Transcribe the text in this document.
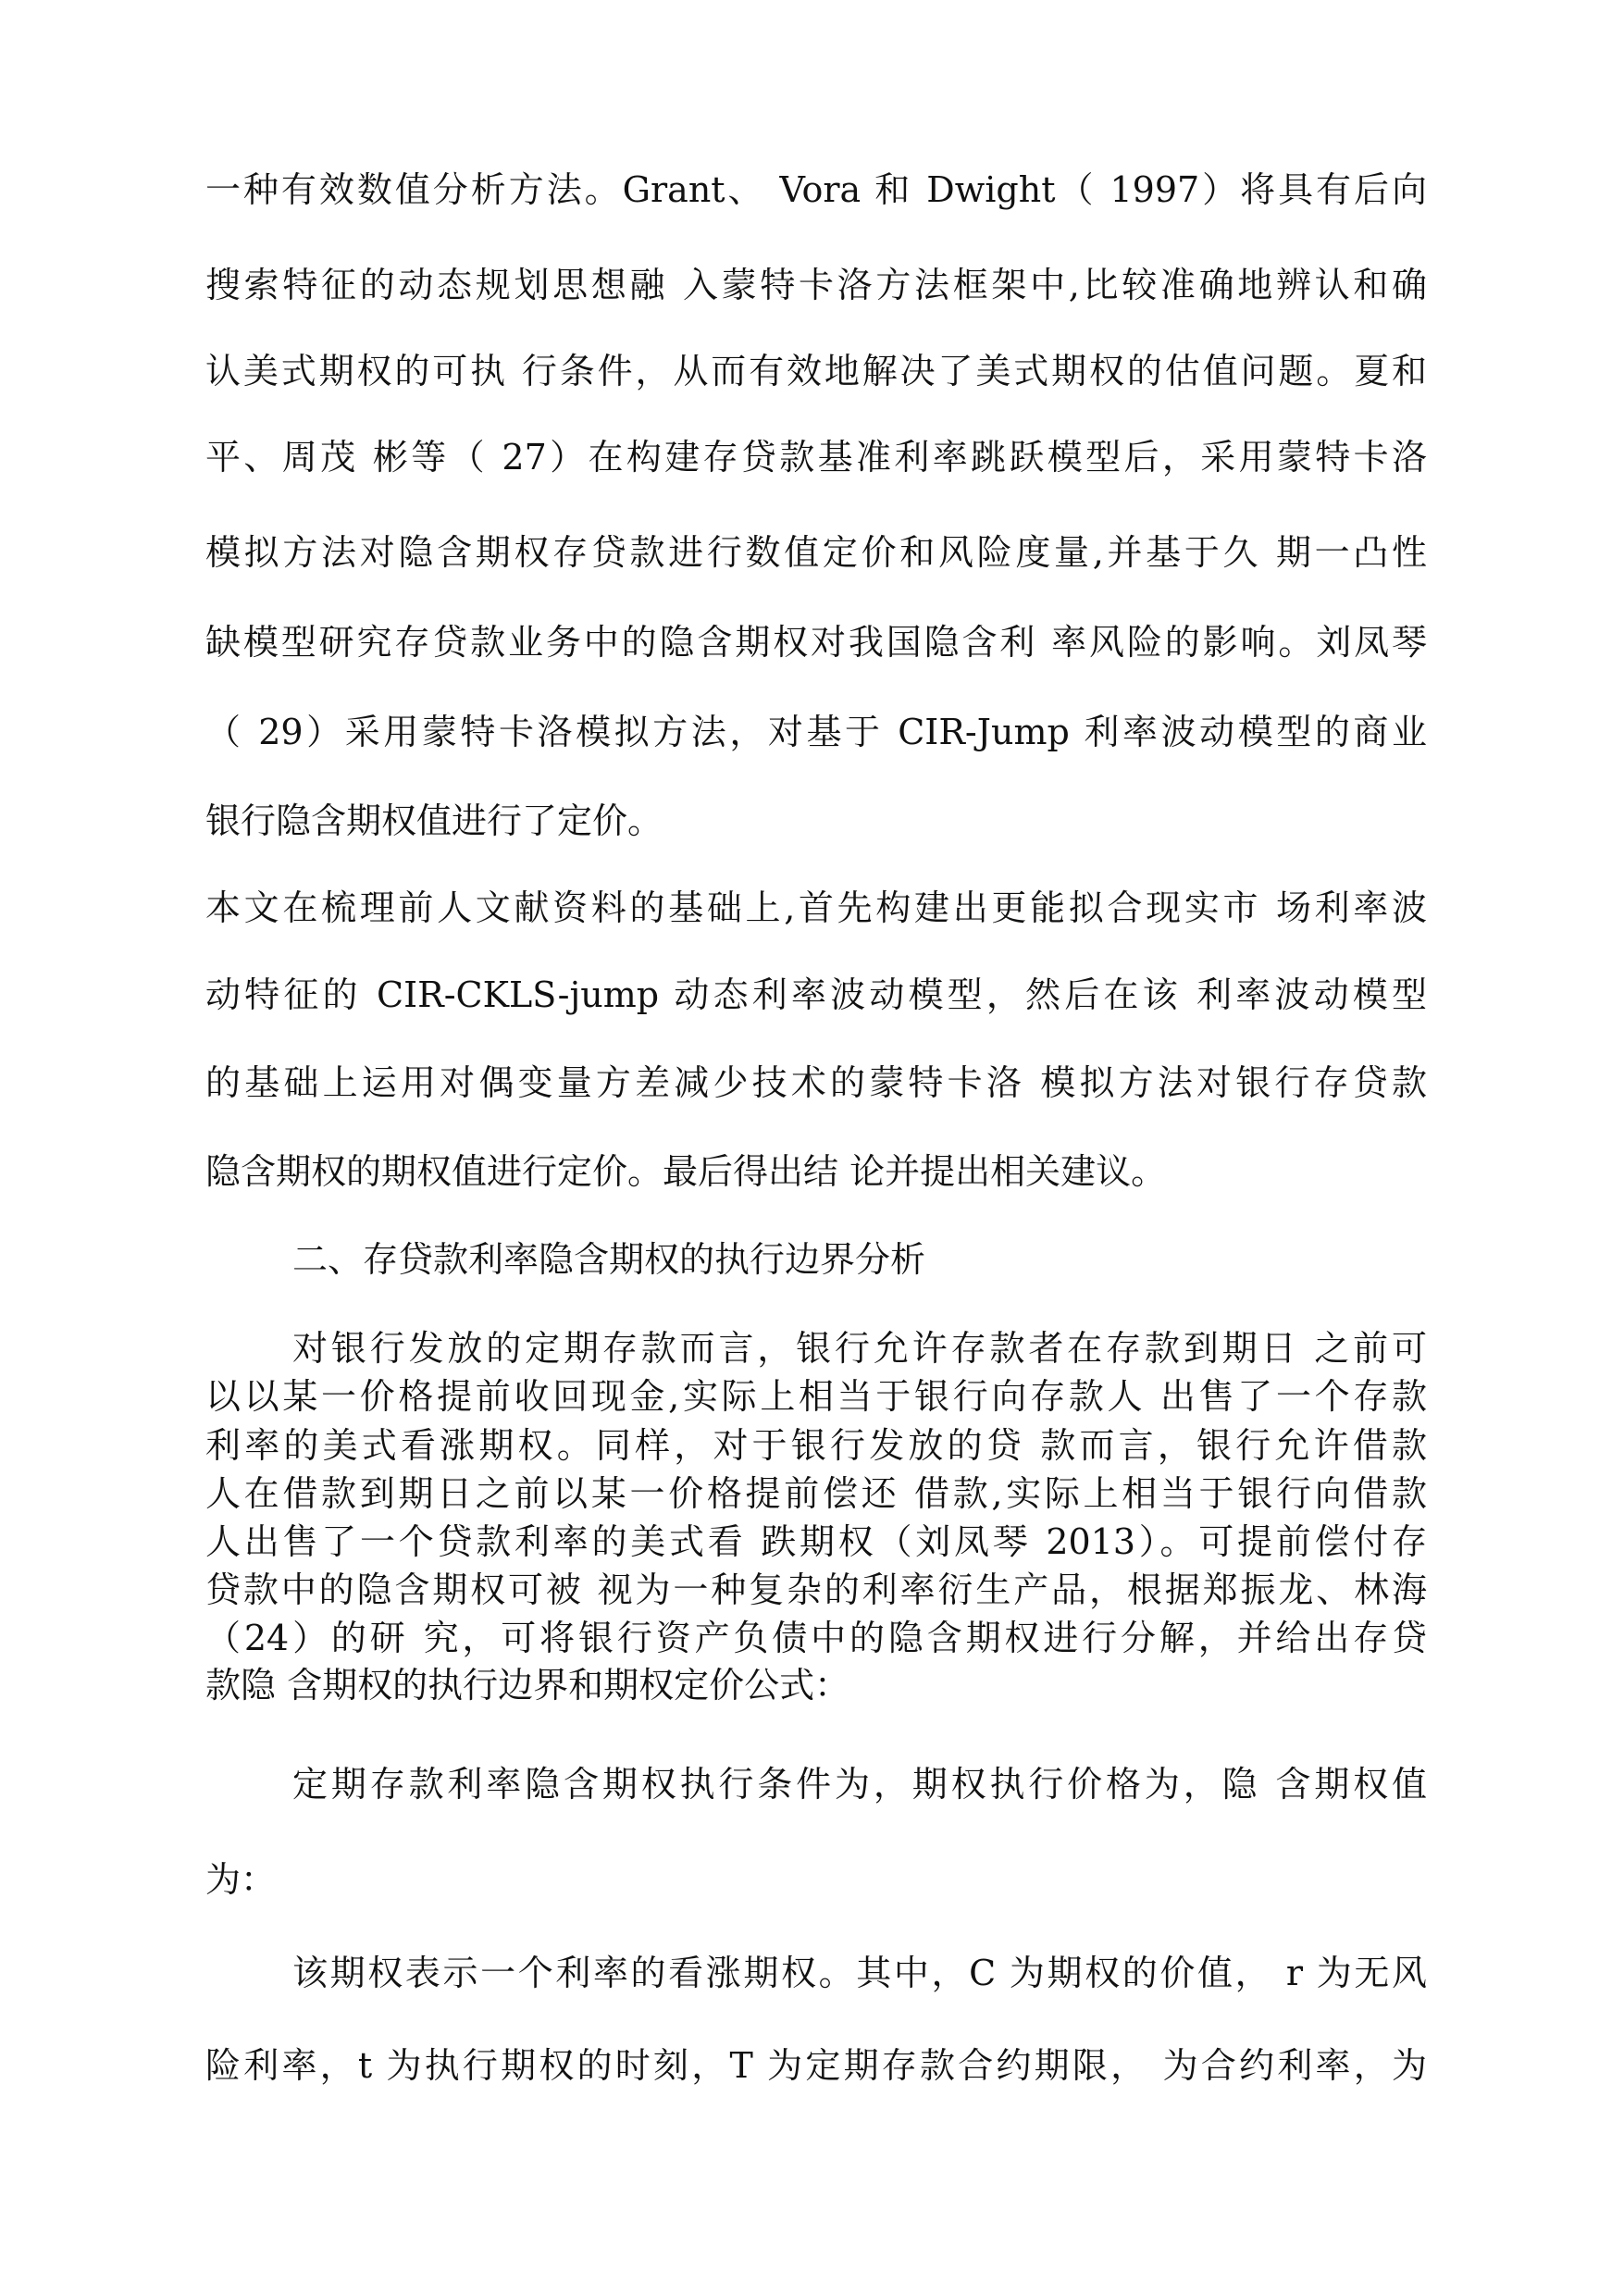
一种有效数值分析方法。Grant、 Vora 和 Dwight（ 1997）将具有后向
搜索特征的动态规划思想融 入蒙特卡洛方法框架中,比较准确地辨认和确
认美式期权的可执 行条件，从而有效地解决了美式期权的估值问题。夏和
平、周茂 彬等（ 27）在构建存贷款基准利率跳跃模型后，采用蒙特卡洛
模拟方法对隐含期权存贷款进行数值定价和风险度量,并基于久 期一凸性
缺模型研究存贷款业务中的隐含期权对我国隐含利 率风险的影响。刘凤琴
（ 29）采用蒙特卡洛模拟方法，对基于 CIR-Jump 利率波动模型的商业
银行隐含期权值进行了定价。
本文在梳理前人文献资料的基础上,首先构建出更能拟合现实市 场利率波
动特征的 CIR-CKLS-jump 动态利率波动模型，然后在该 利率波动模型
的基础上运用对偶变量方差减少技术的蒙特卡洛 模拟方法对银行存贷款
隐含期权的期权值进行定价。最后得出结 论并提出相关建议。
二、存贷款利率隐含期权的执行边界分析
对银行发放的定期存款而言，银行允许存款者在存款到期日 之前可
以以某一价格提前收回现金,实际上相当于银行向存款人 出售了一个存款
利率的美式看涨期权。同样，对于银行发放的贷 款而言，银行允许借款
人在借款到期日之前以某一价格提前偿还 借款,实际上相当于银行向借款
人出售了一个贷款利率的美式看 跌期权（刘凤琴 2013）。可提前偿付存
贷款中的隐含期权可被 视为一种复杂的利率衍生产品，根据郑振龙、林海
（24）的研 究，可将银行资产负债中的隐含期权进行分解，并给出存贷
款隐 含期权的执行边界和期权定价公式：
定期存款利率隐含期权执行条件为，期权执行价格为，隐 含期权值
为：
该期权表示一个利率的看涨期权。其中，C 为期权的价值， r 为无风
险利率，t 为执行期权的时刻，T 为定期存款合约期限， 为合约利率，为
